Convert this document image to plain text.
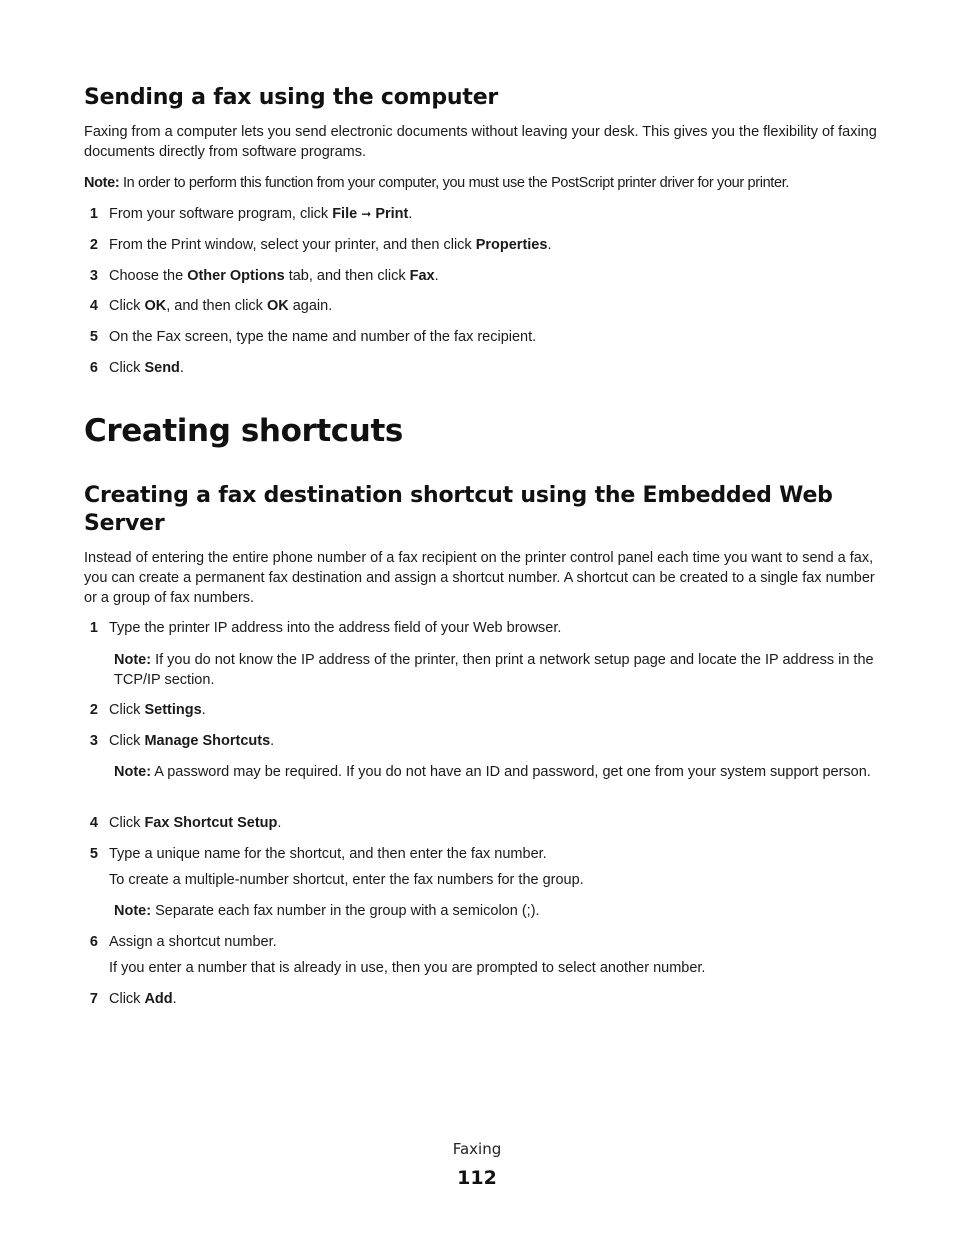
Sending a fax using the computer

Faxing from a computer lets you send electronic documents without leaving your desk. This gives you the flexibility of faxing documents directly from software programs.

Note: In order to perform this function from your computer, you must use the PostScript printer driver for your printer.

1 From your software program, click File ➞ Print.
2 From the Print window, select your printer, and then click Properties.
3 Choose the Other Options tab, and then click Fax.
4 Click OK, and then click OK again.
5 On the Fax screen, type the name and number of the fax recipient.
6 Click Send.
Creating shortcuts
Creating a fax destination shortcut using the Embedded Web
Server

Instead of entering the entire phone number of a fax recipient on the printer control panel each time you want to send a fax, you can create a permanent fax destination and assign a shortcut number. A shortcut can be created to a single fax number or a group of fax numbers.

1 Type the printer IP address into the address field of your Web browser.

Note: If you do not know the IP address of the printer, then print a network setup page and locate the IP address in the TCP/IP section.

2 Click Settings.
3 Click Manage Shortcuts.

Note: A password may be required. If you do not have an ID and password, get one from your system support person.

4 Click Fax Shortcut Setup.
5 Type a unique name for the shortcut, and then enter the fax number.

To create a multiple-number shortcut, enter the fax numbers for the group.

Note: Separate each fax number in the group with a semicolon (;).

6 Assign a shortcut number.

If you enter a number that is already in use, then you are prompted to select another number.

7 Click Add.
Faxing
112
